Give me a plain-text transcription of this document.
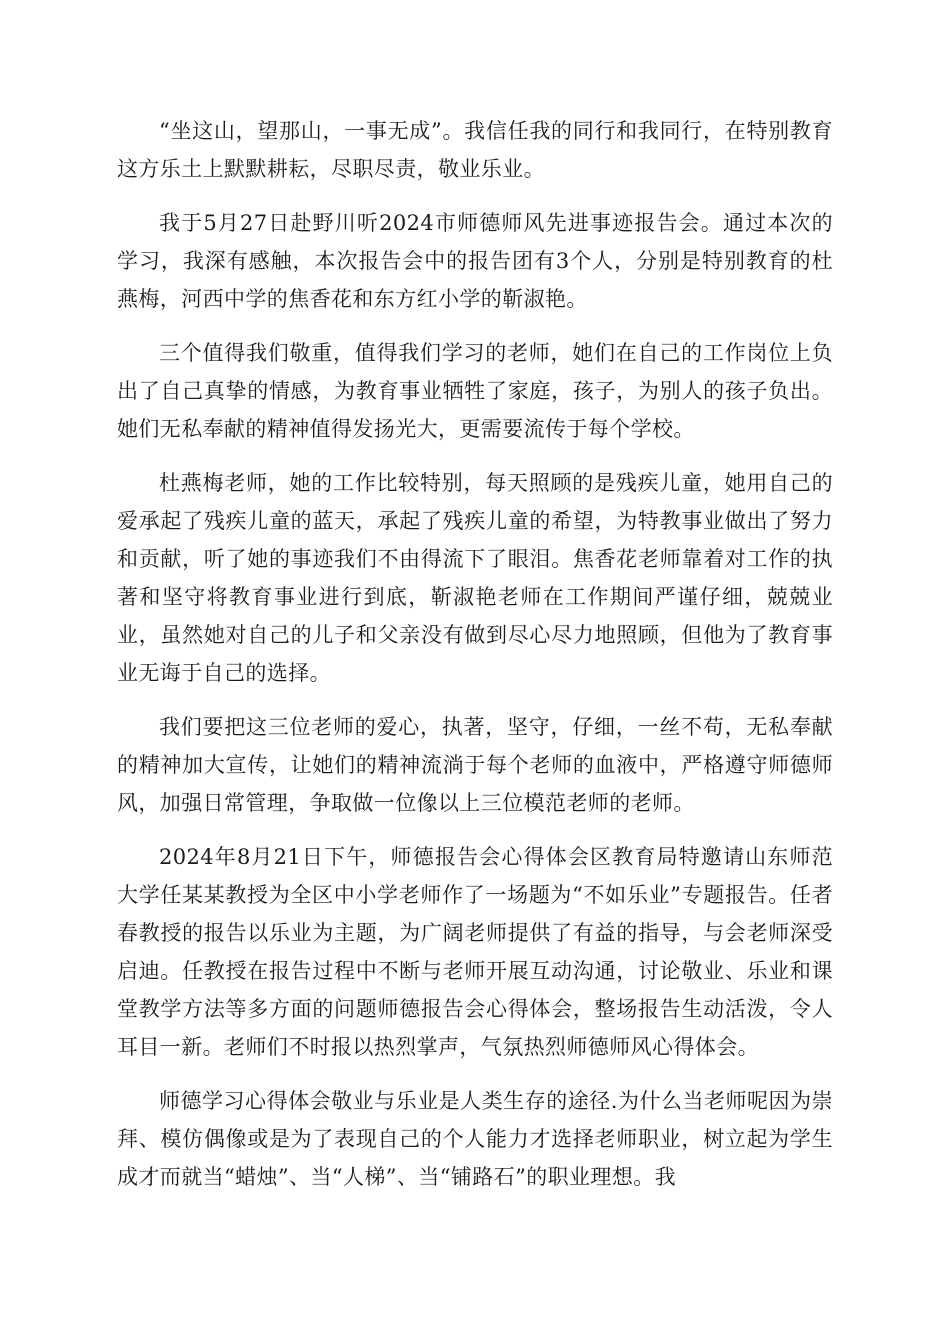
“坐这山，望那山，一事无成”。我信任我的同行和我同行，在特别教育这方乐土上默默耕耘，尽职尽责，敬业乐业。

我于5月27日赴野川听2024市师德师风先进事迹报告会。通过本次的学习，我深有感触，本次报告会中的报告团有3个人，分别是特别教育的杜燕梅，河西中学的焦香花和东方红小学的靳淑艳。

三个值得我们敬重，值得我们学习的老师，她们在自己的工作岗位上负出了自己真挚的情感，为教育事业牺牲了家庭，孩子，为别人的孩子负出。她们无私奉献的精神值得发扬光大，更需要流传于每个学校。

杜燕梅老师，她的工作比较特别，每天照顾的是残疾儿童，她用自己的爱承起了残疾儿童的蓝天，承起了残疾儿童的希望，为特教事业做出了努力和贡献，听了她的事迹我们不由得流下了眼泪。焦香花老师靠着对工作的执著和坚守将教育事业进行到底，靳淑艳老师在工作期间严谨仔细，兢兢业业，虽然她对自己的儿子和父亲没有做到尽心尽力地照顾，但他为了教育事业无诲于自己的选择。

我们要把这三位老师的爱心，执著，坚守，仔细，一丝不苟，无私奉献的精神加大宣传，让她们的精神流淌于每个老师的血液中，严格遵守师德师风，加强日常管理，争取做一位像以上三位模范老师的老师。

2024年8月21日下午，师德报告会心得体会区教育局特邀请山东师范大学任某某教授为全区中小学老师作了一场题为“不如乐业”专题报告。任者春教授的报告以乐业为主题，为广阔老师提供了有益的指导，与会老师深受启迪。任教授在报告过程中不断与老师开展互动沟通，讨论敬业、乐业和课堂教学方法等多方面的问题师德报告会心得体会，整场报告生动活泼，令人耳目一新。老师们不时报以热烈掌声，气氛热烈师德师风心得体会。

师德学习心得体会敬业与乐业是人类生存的途径.为什么当老师呢因为崇拜、模仿偶像或是为了表现自己的个人能力才选择老师职业，树立起为学生成才而就当“蜡烛”、当“人梯”、当“铺路石”的职业理想。我
